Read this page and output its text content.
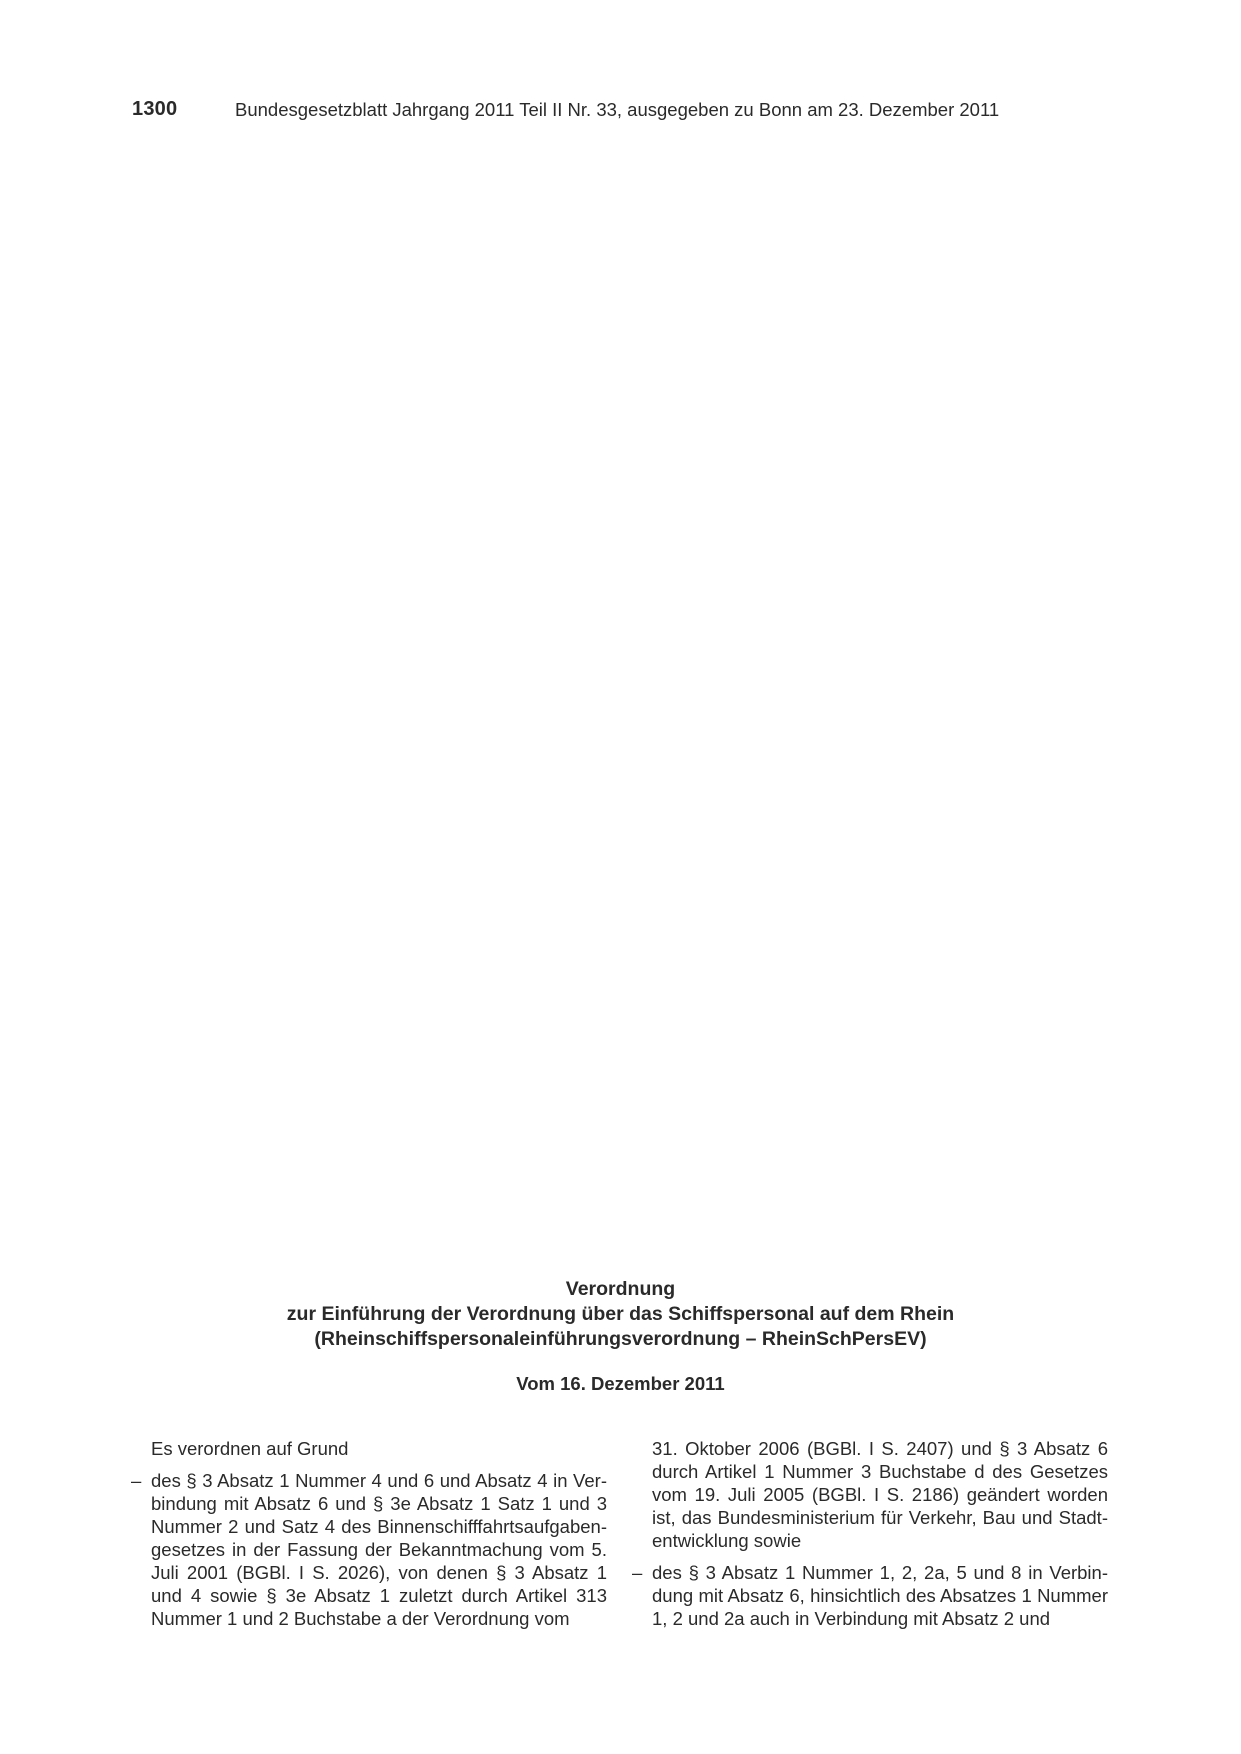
1300	Bundesgesetzblatt Jahrgang 2011 Teil II Nr. 33, ausgegeben zu Bonn am 23. Dezember 2011
Verordnung
zur Einführung der Verordnung über das Schiffspersonal auf dem Rhein
(Rheinschiffspersonaleinführungsverordnung – RheinSchPersEV)
Vom 16. Dezember 2011

Es verordnen auf Grund

– des § 3 Absatz 1 Nummer 4 und 6 und Absatz 4 in Verbindung mit Absatz 6 und § 3e Absatz 1 Satz 1 und 3 Nummer 2 und Satz 4 des Binnenschifffahrtsaufgabengesetzes in der Fassung der Bekanntmachung vom 5. Juli 2001 (BGBl. I S. 2026), von denen § 3 Absatz 1 und 4 sowie § 3e Absatz 1 zuletzt durch Artikel 313 Nummer 1 und 2 Buchstabe a der Verordnung vom

31. Oktober 2006 (BGBl. I S. 2407) und § 3 Absatz 6 durch Artikel 1 Nummer 3 Buchstabe d des Gesetzes vom 19. Juli 2005 (BGBl. I S. 2186) geändert worden ist, das Bundesministerium für Verkehr, Bau und Stadtentwicklung sowie

– des § 3 Absatz 1 Nummer 1, 2, 2a, 5 und 8 in Verbindung mit Absatz 6, hinsichtlich des Absatzes 1 Nummer 1, 2 und 2a auch in Verbindung mit Absatz 2 und
